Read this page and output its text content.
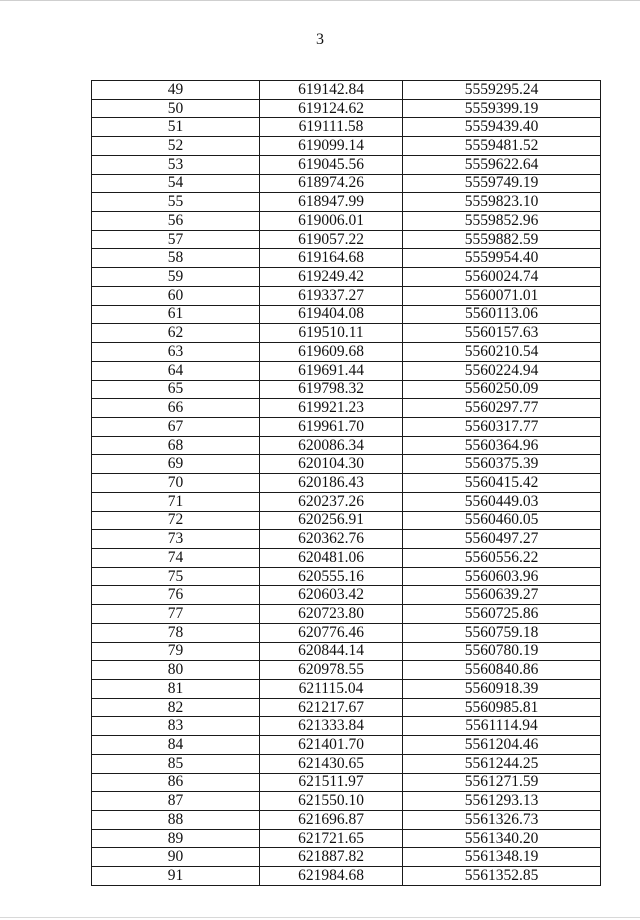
3
49	619142.84	5559295.24
50	619124.62	5559399.19
51	619111.58	5559439.40
52	619099.14	5559481.52
53	619045.56	5559622.64
54	618974.26	5559749.19
55	618947.99	5559823.10
56	619006.01	5559852.96
57	619057.22	5559882.59
58	619164.68	5559954.40
59	619249.42	5560024.74
60	619337.27	5560071.01
61	619404.08	5560113.06
62	619510.11	5560157.63
63	619609.68	5560210.54
64	619691.44	5560224.94
65	619798.32	5560250.09
66	619921.23	5560297.77
67	619961.70	5560317.77
68	620086.34	5560364.96
69	620104.30	5560375.39
70	620186.43	5560415.42
71	620237.26	5560449.03
72	620256.91	5560460.05
73	620362.76	5560497.27
74	620481.06	5560556.22
75	620555.16	5560603.96
76	620603.42	5560639.27
77	620723.80	5560725.86
78	620776.46	5560759.18
79	620844.14	5560780.19
80	620978.55	5560840.86
81	621115.04	5560918.39
82	621217.67	5560985.81
83	621333.84	5561114.94
84	621401.70	5561204.46
85	621430.65	5561244.25
86	621511.97	5561271.59
87	621550.10	5561293.13
88	621696.87	5561326.73
89	621721.65	5561340.20
90	621887.82	5561348.19
91	621984.68	5561352.85
